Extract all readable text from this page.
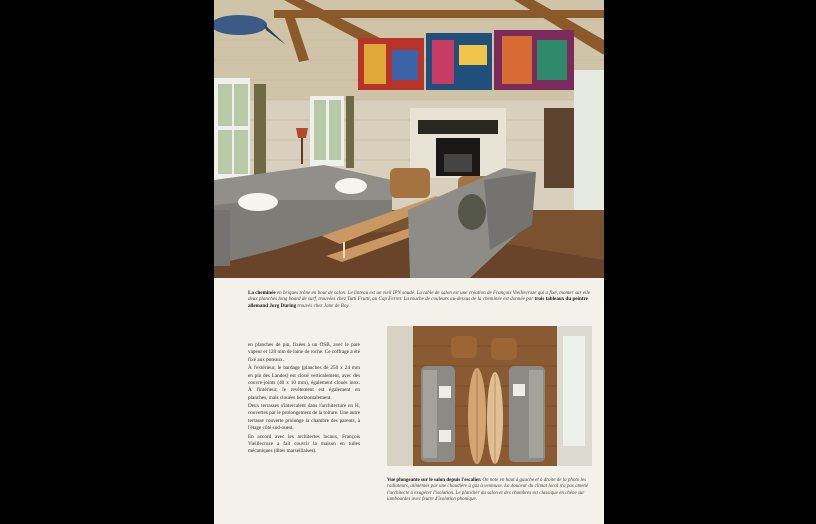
La cheminée en briques trône en bout de salon. Le linteau est un vieil IPN soudé. La table de salon est une création de François Vieillecroze qui a fixé, monter sur elle deux planches long board de surf, trouvées chez Tutti Frutti, au Cap Ferret. La touche de couleurs au-dessus de la cheminée est donnée par trois tableaux du peintre allemand Jorg During trouvés chez Jane de Boy.

en planches de pin, fixées à un OSB, avec le pare vapeur et 120 mm de laine de roche. Ce coffrage a été fixé aux poteaux.

À l'extérieur, le bardage (planches de 250 x 24 mm en pin des Landes) est cloué verticalement, avec des couvre-joints (40 x 10 mm), également cloués inox. À l'intérieur, le revêtement est également en planches, mais clouées horizontalement.

Deux terrasses s'intercalent dans l'architecture en H, couvertes par le prolongement de la toiture. Une autre terrasse couverte prolonge la chambre des parents, à l'étage côté sud-ouest.

En accord avec les architectes locaux, François Vieillecroze a fait couvrir la maison en tuiles mécaniques (dites marseillaises).

Vue plongeante sur le salon depuis l'escalier. On note en haut à gauche et à droite de la photo les radiateurs, alimentés par une chaudière à gaz à ventouse. La douceur du climat local n'a pas amené l'architecte à exagérer l'isolation. Le plancher du salon et des chambres est classique en chêne sur lambourdes avec feutre d'isolation phonique.
